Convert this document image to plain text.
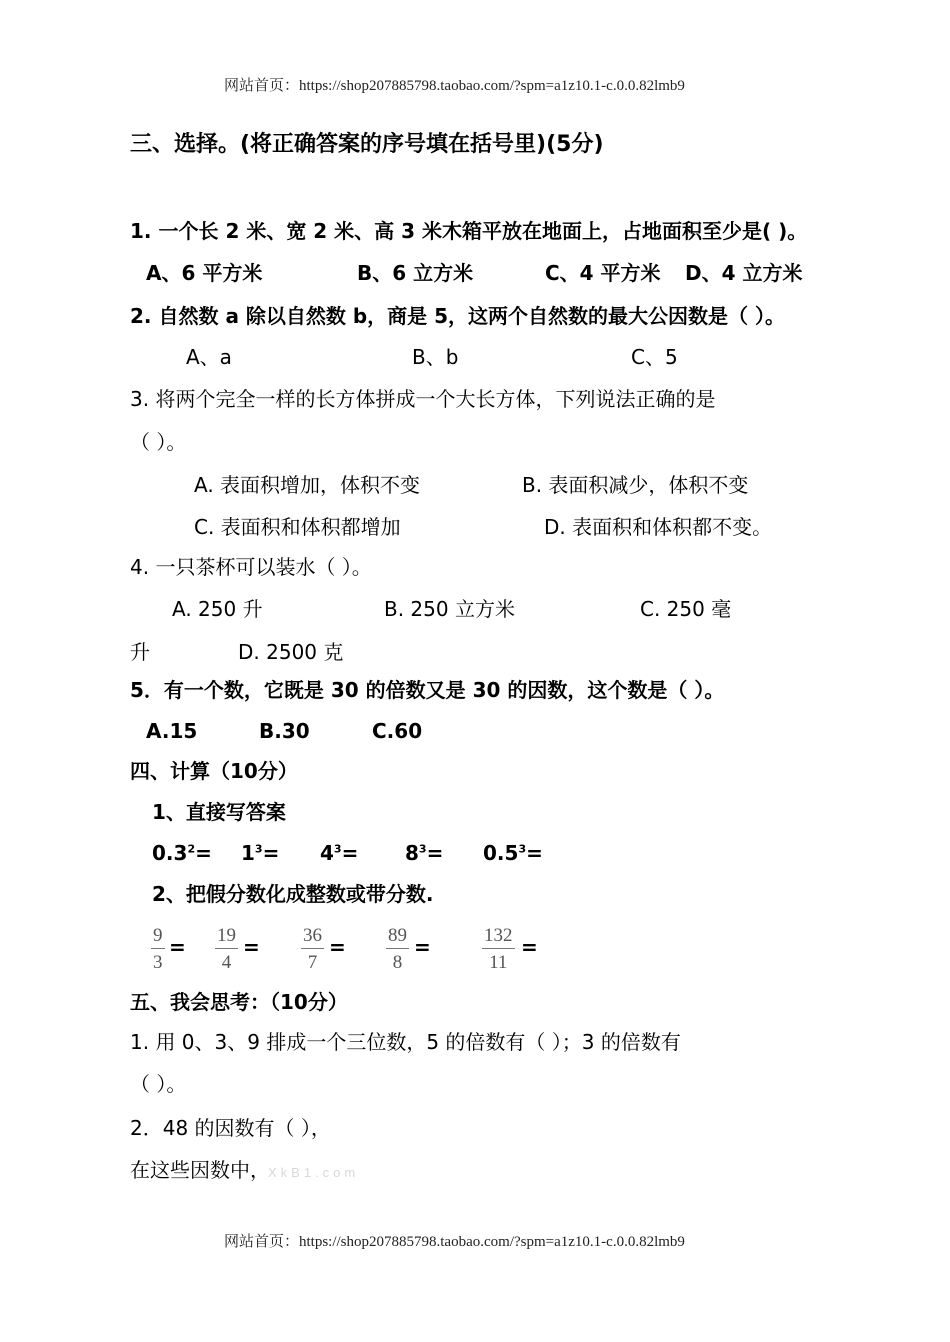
网站首页：https://shop207885798.taobao.com/?spm=a1z10.1-c.0.0.82lmb9
三、选择。(将正确答案的序号填在括号里)(5分)
1. 一个长 2 米、宽 2 米、高 3 米木箱平放在地面上，占地面积至少是( )。
A、6 平方米	B、6 立方米	C、4 平方米 D、4 立方米
2. 自然数 a 除以自然数 b，商是 5，这两个自然数的最大公因数是（ ）。
A、a	B、b	C、5
3. 将两个完全一样的长方体拼成一个大长方体，下列说法正确的是
（ ）。
A. 表面积增加，体积不变	B. 表面积减少，体积不变
C. 表面积和体积都增加	D. 表面积和体积都不变。
4. 一只茶杯可以装水（ ）。
A. 250 升	B. 250 立方米	C. 250 毫
升	D. 2500 克
5．有一个数，它既是 30 的倍数又是 30 的因数，这个数是（ ）。
A.15	B.30	C.60
四、计算（10分）
1、直接写答案
$0.3^2= 1^3= 4^3= 8^3= 0.5^3=$
2、把假分数化成整数或带分数.
9
3
= 19
4
= 36
7
= 89
8
=	132
11
=
五、我会思考：（10分）
1. 用 0、3、9 排成一个三位数，5 的倍数有（ ）；3 的倍数有
（ ）。
2．48 的因数有（ ），
在这些因数中，
XkB1.com
网站首页：https://shop207885798.taobao.com/?spm=a1z10.1-c.0.0.82lmb9
